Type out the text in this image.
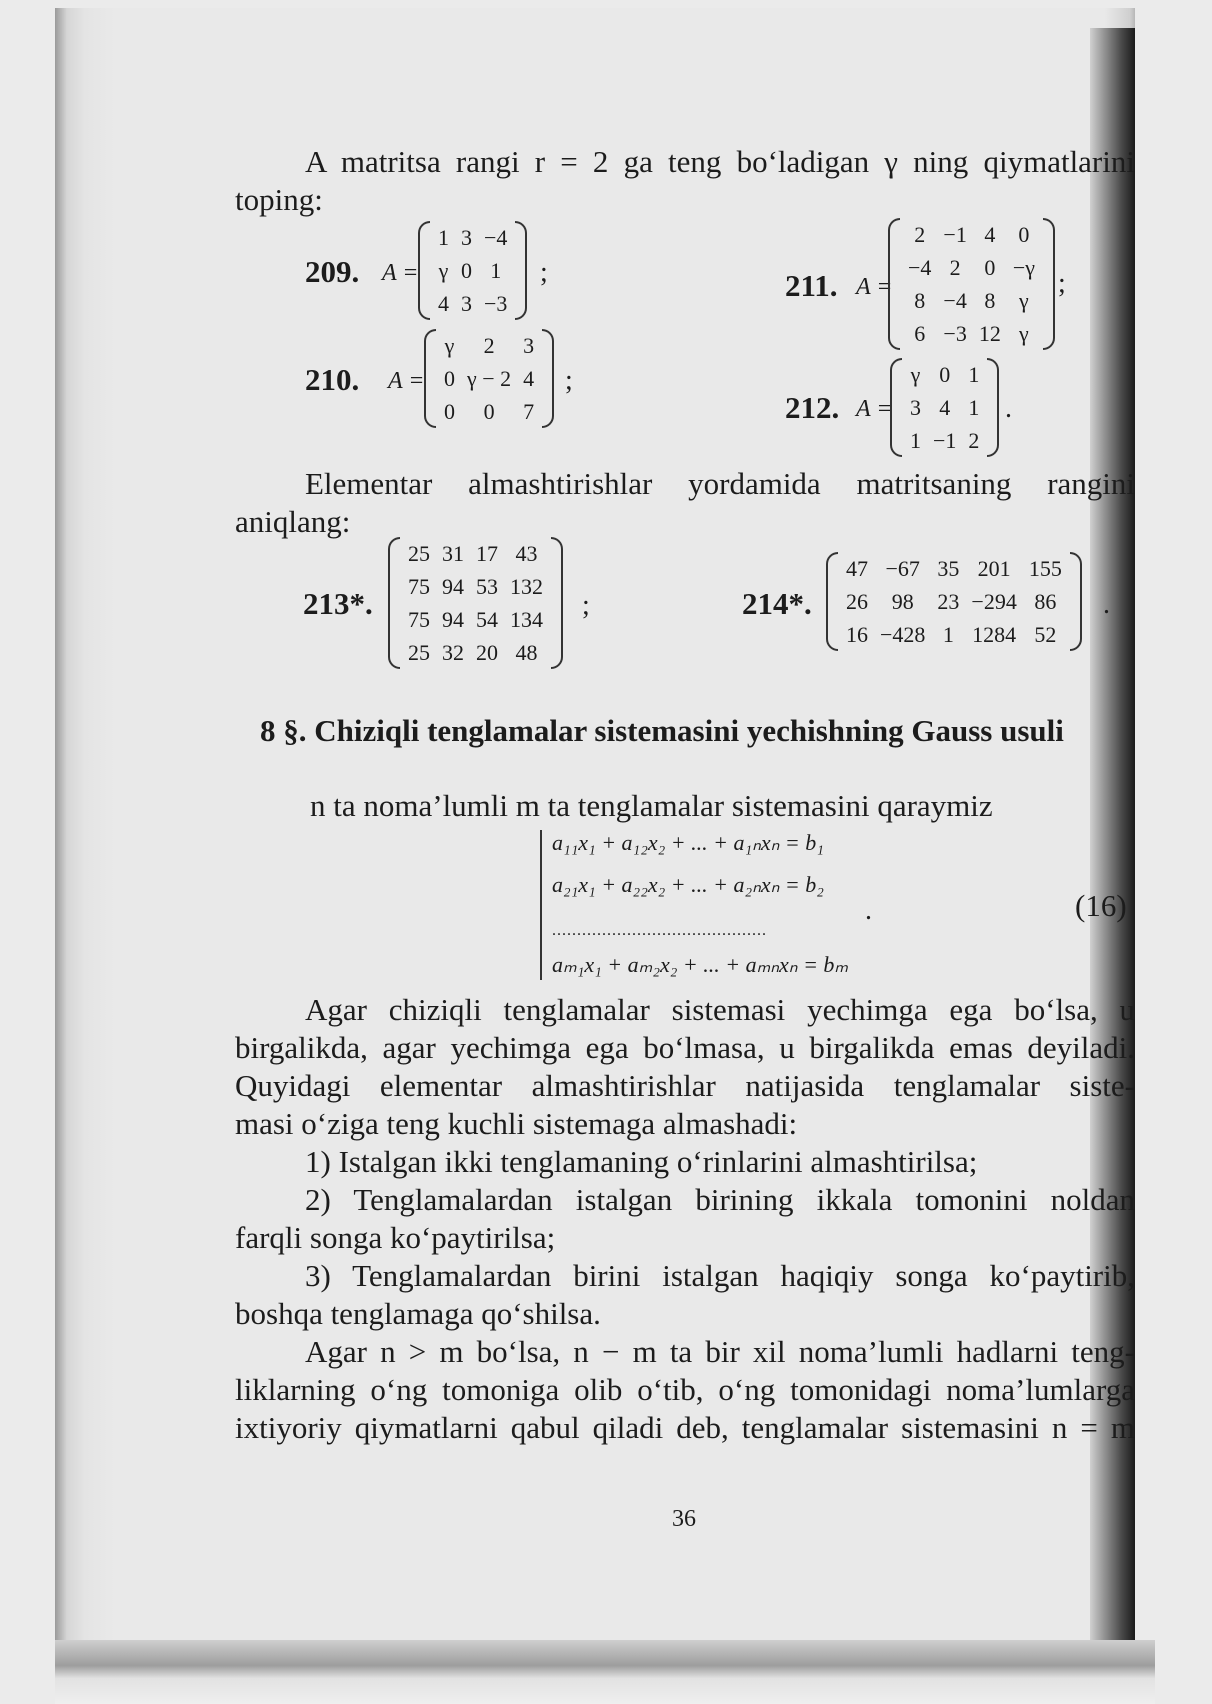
A matritsa rangi r = 2 ga teng bo‘ladigan γ ning qiymatlarini
toping:
209. A =
1	3	−4
γ	0	1
4	3	−3
;
210. A =
γ	2	3
0	γ − 2	4
0	0	7
;
211. A =
2	−1	4	0
−4	2	0	−γ
8	−4	8	γ
6	−3	12	γ
;
212. A =
γ	0	1
3	4	1
1	−1	2
.
Elementar almashtirishlar yordamida matritsaning rangini
aniqlang:
213*.
25	31	17	43
75	94	53	132
75	94	54	134
25	32	20	48
;	214*.
47	−67	35	201	155
26	98	23	−294	86
16	−428	1	1284	52
.
8 §. Chiziqli tenglamalar sistemasini yechishning Gauss usuli
n ta noma’lumli m ta tenglamalar sistemasini qaraymiz
a₁₁x₁ + a₁₂x₂ + ... + a₁ₙxₙ = b₁
a₂₁x₁ + a₂₂x₂ + ... + a₂ₙxₙ = b₂
...........................................
aₘ₁x₁ + aₘ₂x₂ + ... + aₘₙxₙ = bₘ
.	(16)
Agar chiziqli tenglamalar sistemasi yechimga ega bo‘lsa, u
birgalikda, agar yechimga ega bo‘lmasa, u birgalikda emas deyiladi.
Quyidagi elementar almashtirishlar natijasida tenglamalar siste-
masi o‘ziga teng kuchli sistemaga almashadi:
1) Istalgan ikki tenglamaning o‘rinlarini almashtirilsa;
2) Tenglamalardan istalgan birining ikkala tomonini noldan
farqli songa ko‘paytirilsa;
3) Tenglamalardan birini istalgan haqiqiy songa ko‘paytirib,
boshqa tenglamaga qo‘shilsa.
Agar n > m bo‘lsa, n − m ta bir xil noma’lumli hadlarni teng-
liklarning o‘ng tomoniga olib o‘tib, o‘ng tomonidagi noma’lumlarga
ixtiyoriy qiymatlarni qabul qiladi deb, tenglamalar sistemasini n = m
36
